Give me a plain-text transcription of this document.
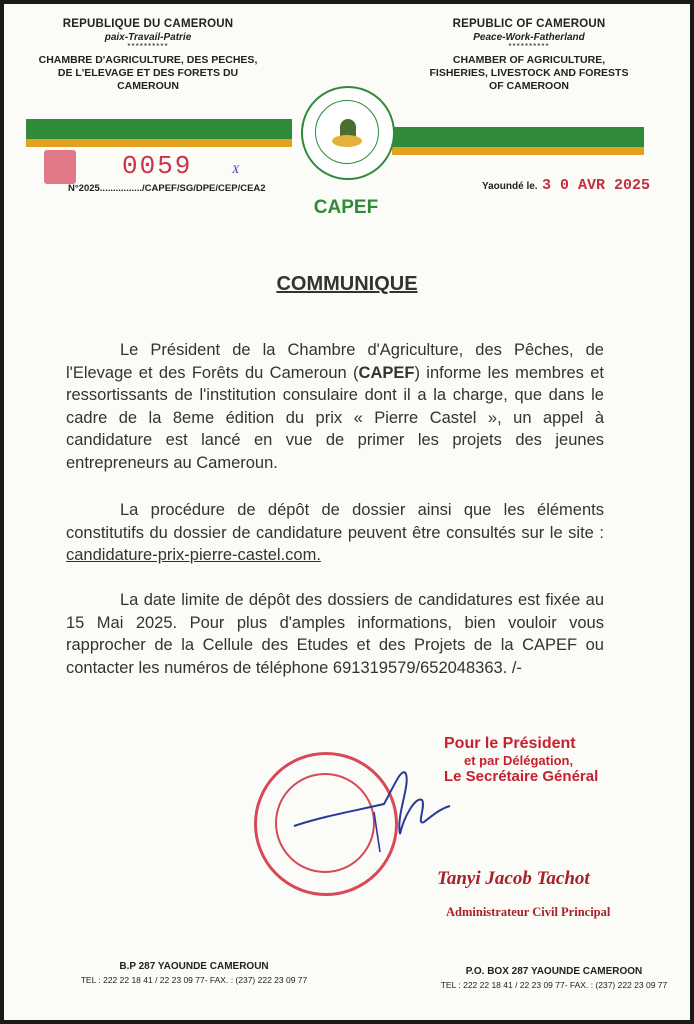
REPUBLIQUE DU CAMEROUN
paix-Travail-Patrie
**********
CHAMBRE D'AGRICULTURE, DES PECHES, DE L'ELEVAGE ET DES FORETS DU CAMEROUN
REPUBLIC OF CAMEROUN
Peace-Work-Fatherland
**********
CHAMBER OF AGRICULTURE, FISHERIES, LIVESTOCK AND FORESTS OF CAMEROON
CAPEF
0059	X
N°2025................/CAPEF/SG/DPE/CEP/CEA2	Yaoundé le. 3 0 AVR 2025
COMMUNIQUE

Le Président de la Chambre d'Agriculture, des Pêches, de l'Elevage et des Forêts du Cameroun (CAPEF) informe les membres et ressortissants de l'institution consulaire dont il a la charge, que dans le cadre de la 8eme édition du prix « Pierre Castel », un appel à candidature est lancé en vue de primer les projets des jeunes entrepreneurs au Cameroun.

La procédure de dépôt de dossier ainsi que les éléments constitutifs du dossier de candidature peuvent être consultés sur le site : candidature-prix-pierre-castel.com.

La date limite de dépôt des dossiers de candidatures est fixée au 15 Mai 2025. Pour plus d'amples informations, bien vouloir vous rapprocher de la Cellule des Etudes et des Projets de la CAPEF ou contacter les numéros de téléphone 691319579/652048363. /-

Pour le Président
et par Délégation,
Le Secrétaire Général
Tanyi Jacob Tachot
Administrateur Civil Principal
B.P 287 YAOUNDE CAMEROUN
TEL : 222 22 18 41 / 22 23 09 77- FAX. : (237) 222 23 09 77
P.O. BOX 287 YAOUNDE CAMEROON
TEL : 222 22 18 41 / 22 23 09 77- FAX. : (237) 222 23 09 77
